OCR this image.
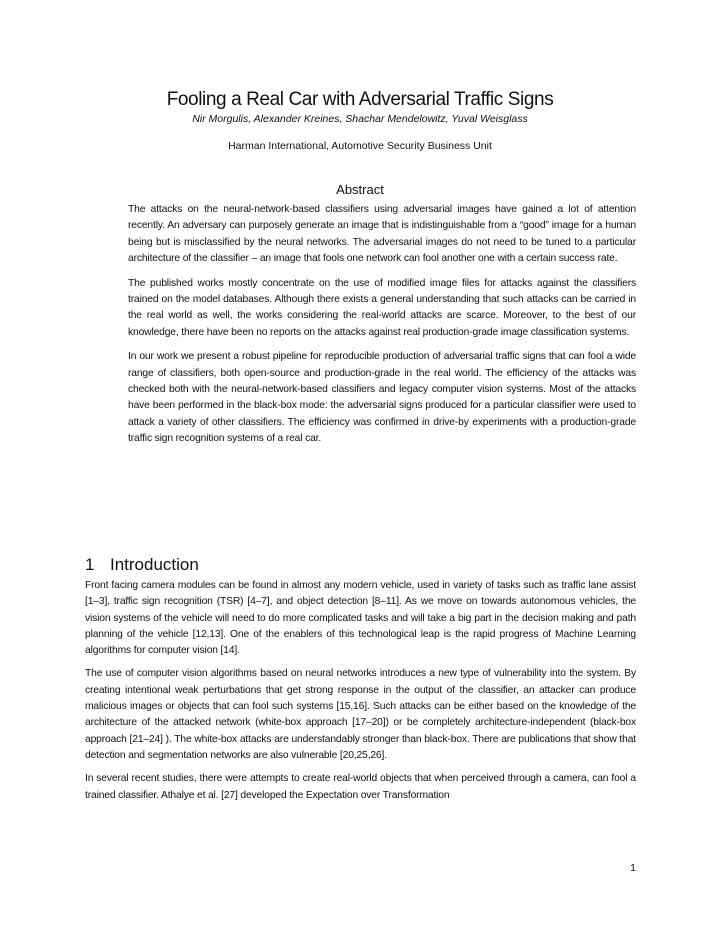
Fooling a Real Car with Adversarial Traffic Signs
Nir Morgulis, Alexander Kreines, Shachar Mendelowitz, Yuval Weisglass
Harman International, Automotive Security Business Unit
Abstract

The attacks on the neural-network-based classifiers using adversarial images have gained a lot of attention recently. An adversary can purposely generate an image that is indistinguishable from a “good” image for a human being but is misclassified by the neural networks. The adversarial images do not need to be tuned to a particular architecture of the classifier – an image that fools one network can fool another one with a certain success rate.

The published works mostly concentrate on the use of modified image files for attacks against the classifiers trained on the model databases. Although there exists a general understanding that such attacks can be carried in the real world as well, the works considering the real-world attacks are scarce. Moreover, to the best of our knowledge, there have been no reports on the attacks against real production-grade image classification systems.

In our work we present a robust pipeline for reproducible production of adversarial traffic signs that can fool a wide range of classifiers, both open-source and production-grade in the real world. The efficiency of the attacks was checked both with the neural-network-based classifiers and legacy computer vision systems. Most of the attacks have been performed in the black-box mode: the adversarial signs produced for a particular classifier were used to attack a variety of other classifiers. The efficiency was confirmed in drive-by experiments with a production-grade traffic sign recognition systems of a real car.

1 Introduction

Front facing camera modules can be found in almost any modern vehicle, used in variety of tasks such as traffic lane assist [1–3], traffic sign recognition (TSR) [4–7], and object detection [8–11]. As we move on towards autonomous vehicles, the vision systems of the vehicle will need to do more complicated tasks and will take a big part in the decision making and path planning of the vehicle [12,13]. One of the enablers of this technological leap is the rapid progress of Machine Learning algorithms for computer vision [14].

The use of computer vision algorithms based on neural networks introduces a new type of vulnerability into the system. By creating intentional weak perturbations that get strong response in the output of the classifier, an attacker can produce malicious images or objects that can fool such systems [15,16]. Such attacks can be either based on the knowledge of the architecture of the attacked network (white-box approach [17–20]) or be completely architecture-independent (black-box approach [21–24] ). The white-box attacks are understandably stronger than black-box. There are publications that show that detection and segmentation networks are also vulnerable [20,25,26].

In several recent studies, there were attempts to create real-world objects that when perceived through a camera, can fool a trained classifier. Athalye et al. [27] developed the Expectation over Transformation

1
